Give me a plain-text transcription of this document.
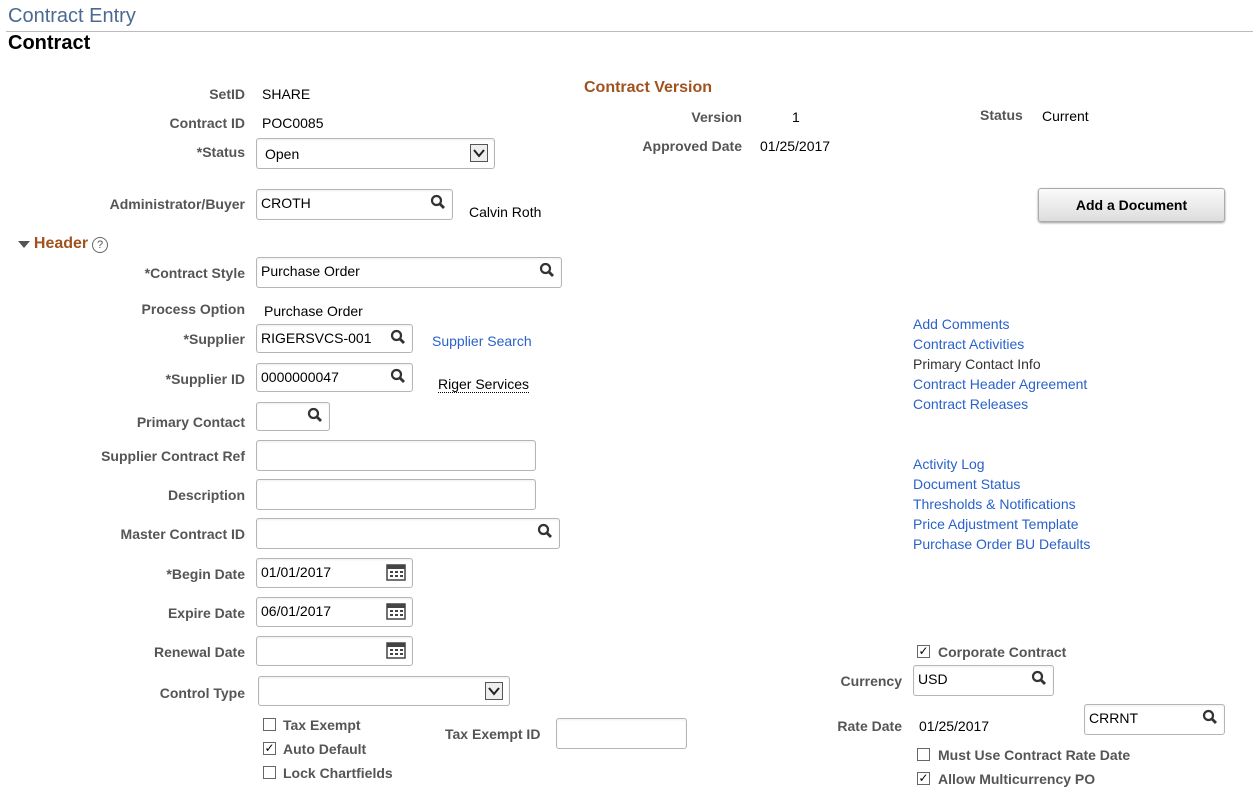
Contract Entry
Contract
SetID SHARE
Contract ID POC0085
*Status	Open
Administrator/Buyer	CROTH
Calvin Roth
Contract Version
Version	1	Status Current
Approved Date 01/25/2017
Add a Document
Header ?
*Contract Style	Purchase Order
Process Option Purchase Order
*Supplier	RIGERSVCS-001	Supplier Search
*Supplier ID	0000000047	Riger Services
Primary Contact
Supplier Contract Ref
Description
Master Contract ID
*Begin Date	01/01/2017
Expire Date	06/01/2017
Renewal Date
Control Type
Tax Exempt
✓ Auto Default
Lock Chartfields
Tax Exempt ID
Add Comments
Contract Activities
Primary Contact Info
Contract Header Agreement
Contract Releases
Activity Log
Document Status
Thresholds & Notifications
Price Adjustment Template
Purchase Order BU Defaults
✓ Corporate Contract
Currency	USD
Rate Date 01/25/2017	CRRNT
Must Use Contract Rate Date
✓ Allow Multicurrency PO
